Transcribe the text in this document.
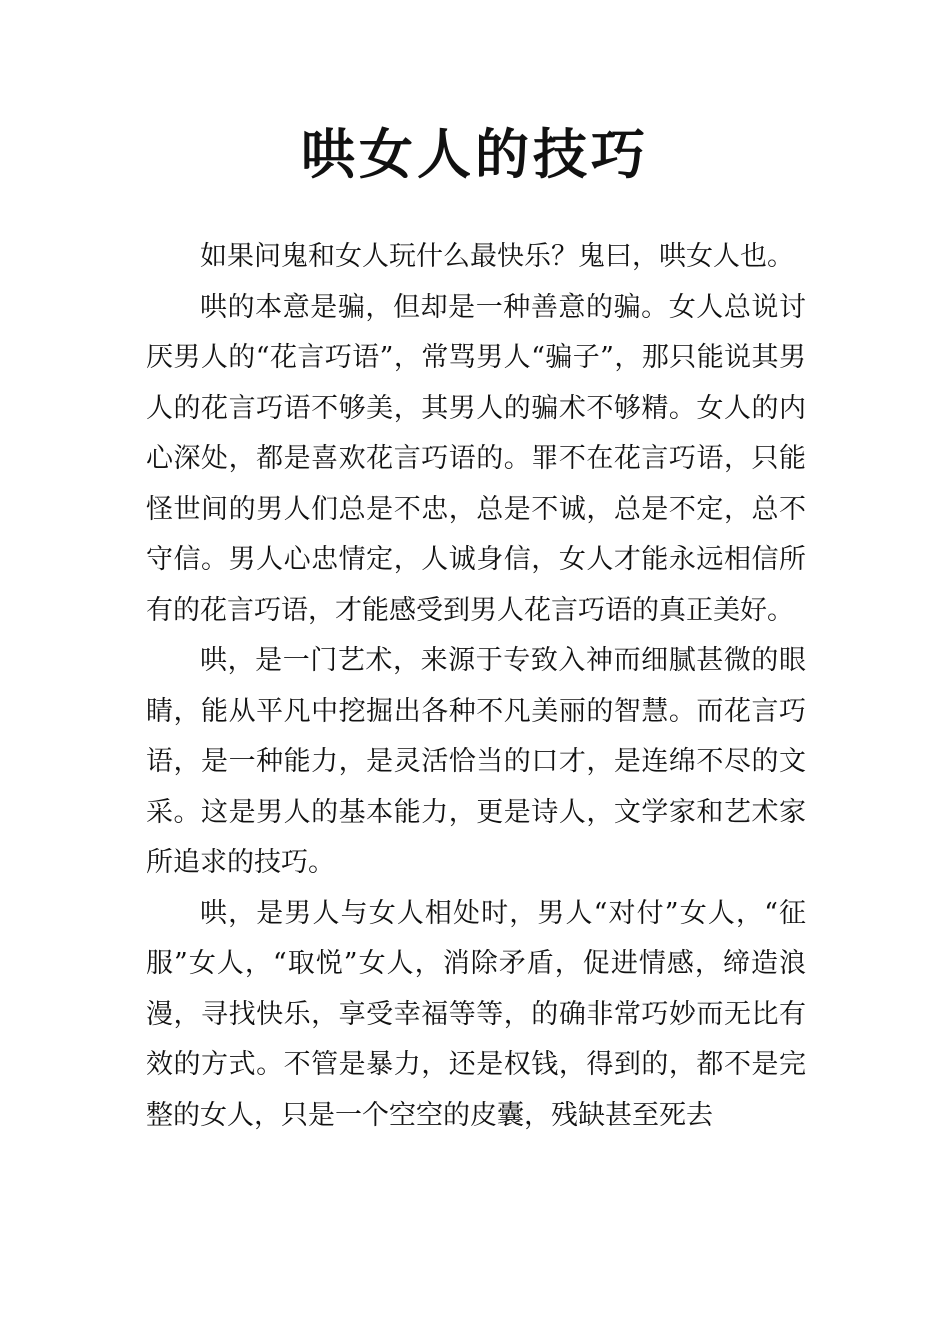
哄女人的技巧

如果问鬼和女人玩什么最快乐？鬼曰，哄女人也。

哄的本意是骗，但却是一种善意的骗。女人总说讨厌男人的“花言巧语”，常骂男人“骗子”，那只能说其男人的花言巧语不够美，其男人的骗术不够精。女人的内心深处，都是喜欢花言巧语的。罪不在花言巧语，只能怪世间的男人们总是不忠，总是不诚，总是不定，总不守信。男人心忠情定，人诚身信，女人才能永远相信所有的花言巧语，才能感受到男人花言巧语的真正美好。

哄，是一门艺术，来源于专致入神而细腻甚微的眼睛，能从平凡中挖掘出各种不凡美丽的智慧。而花言巧语，是一种能力，是灵活恰当的口才，是连绵不尽的文采。这是男人的基本能力，更是诗人，文学家和艺术家所追求的技巧。

哄，是男人与女人相处时，男人“对付”女人，“征服”女人，“取悦”女人，消除矛盾，促进情感，缔造浪漫，寻找快乐，享受幸福等等，的确非常巧妙而无比有效的方式。不管是暴力，还是权钱，得到的，都不是完整的女人，只是一个空空的皮囊，残缺甚至死去
